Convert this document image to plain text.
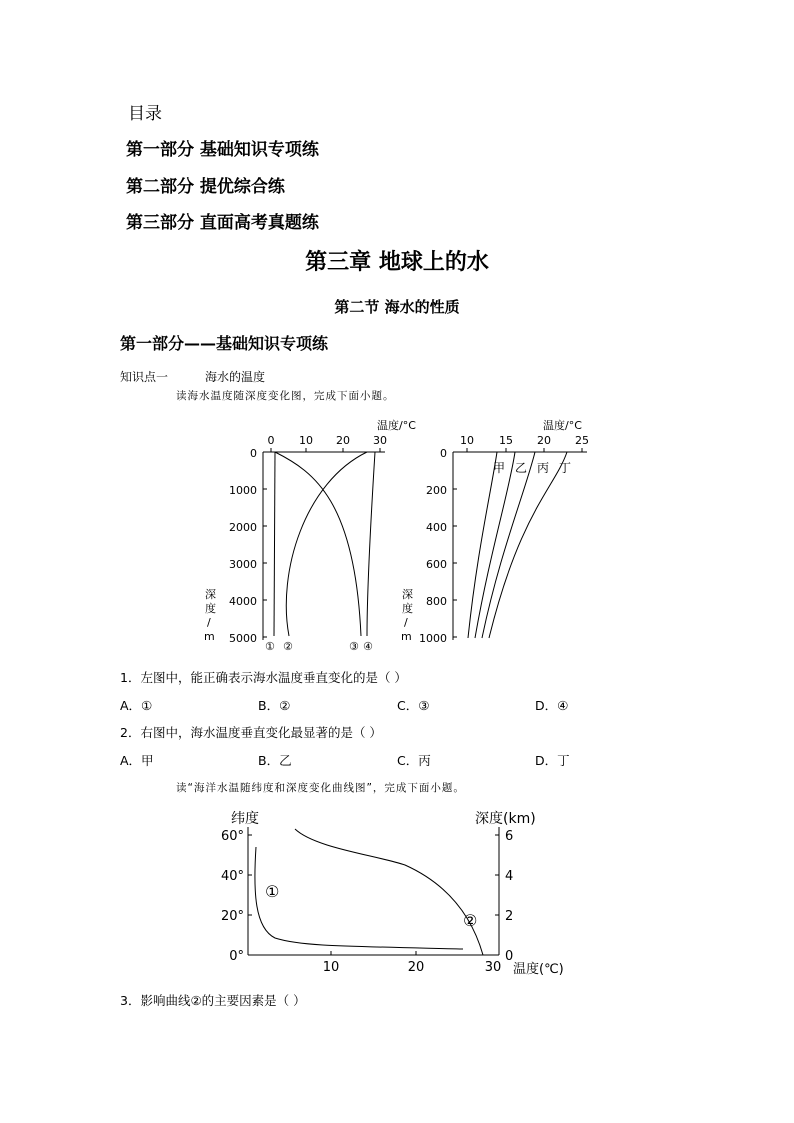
目录
第一部分 基础知识专项练
第二部分 提优综合练
第三部分 直面高考真题练
第三章 地球上的水
第二节 海水的性质
第一部分——基础知识专项练
知识点一	海水的温度
读海水温度随深度变化图，完成下面小题。
温度/°C
0 10 20 30
0
1000
2000
3000
4000
5000
深
度
/
m
① ②	③ ④
温度/°C
10 15 20 25
0
200
400
600
800
1000
深
度
/
m
甲 乙 丙 丁
1．左图中，能正确表示海水温度垂直变化的是（ ）
A．①	B．②	C．③	D．④
2．右图中，海水温度垂直变化最显著的是（ ）
A．甲	B．乙	C．丙	D．丁
读“海洋水温随纬度和深度变化曲线图”，完成下面小题。
纬度	深度(km)
0°
20°
40°
60°
0
2
4
6
10	20	30 温度(℃)
①
②
3．影响曲线②的主要因素是（ ）
